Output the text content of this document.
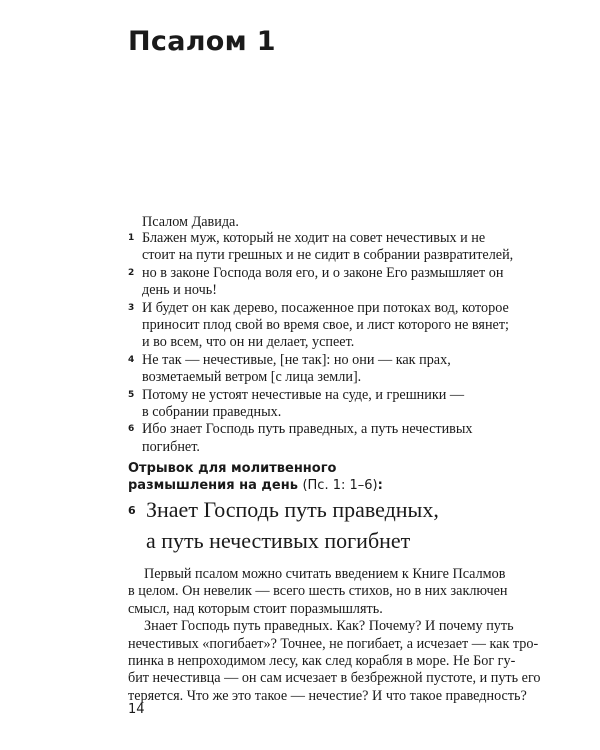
Псалом 1

Псалом Давида.

1 Блажен муж, который не ходит на совет нечестивых и не
стоит на пути грешных и не сидит в собрании развратителей,

2 но в законе Господа воля его, и о законе Его размышляет он
день и ночь!

3 И будет он как дерево, посаженное при потоках вод, которое
приносит плод свой во время свое, и лист которого не вянет;
и во всем, что он ни делает, успеет.

4 Не так — нечестивые, [не так]: но они — как прах,
возметаемый ветром [с лица земли].

5 Потому не устоят нечестивые на суде, и грешники —
в собрании праведных.

6 Ибо знает Господь путь праведных, а путь нечестивых
погибнет.

Отрывок для молитвенного
размышления на день (Пс. 1: 1–6):
6 Знает Господь путь праведных,
а путь нечестивых погибнет

Первый псалом можно считать введением к Книге Псалмов
в целом. Он невелик — всего шесть стихов, но в них заключен
смысл, над которым стоит поразмышлять.
Знает Господь путь праведных. Как? Почему? И почему путь
нечестивых «погибает»? Точнее, не погибает, а исчезает — как тро-
пинка в непроходимом лесу, как след корабля в море. Не Бог гу-
бит нечестивца — он сам исчезает в безбрежной пустоте, и путь его
теряется. Что же это такое — нечестие? И что такое праведность?
14
